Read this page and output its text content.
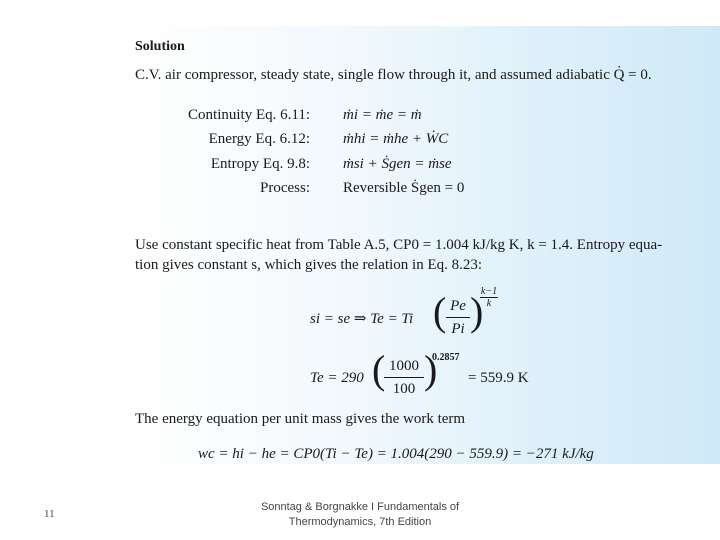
Solution
C.V. air compressor, steady state, single flow through it, and assumed adiabatic Q̇ = 0.
Continuity Eq. 6.11: ṁi = ṁe = ṁ
Energy Eq. 6.12: ṁhi = ṁhe + ẆC
Entropy Eq. 9.8: ṁsi + Ṡgen = ṁse
Process: Reversible Ṡgen = 0
Use constant specific heat from Table A.5, CP0 = 1.004 kJ/kg K, k = 1.4. Entropy equa-
tion gives constant s, which gives the relation in Eq. 8.23:
si = se ⇒ Te = Ti ( Pe
Pi )
k−1
k
Te = 290 ( 1000
100 )
0.2857
= 559.9 K
The energy equation per unit mass gives the work term
wc = hi − he = CP0(Ti − Te) = 1.004(290 − 559.9) = −271 kJ/kg
11
Sonntag & Borgnakke I Fundamentals of
Thermodynamics, 7th Edition
